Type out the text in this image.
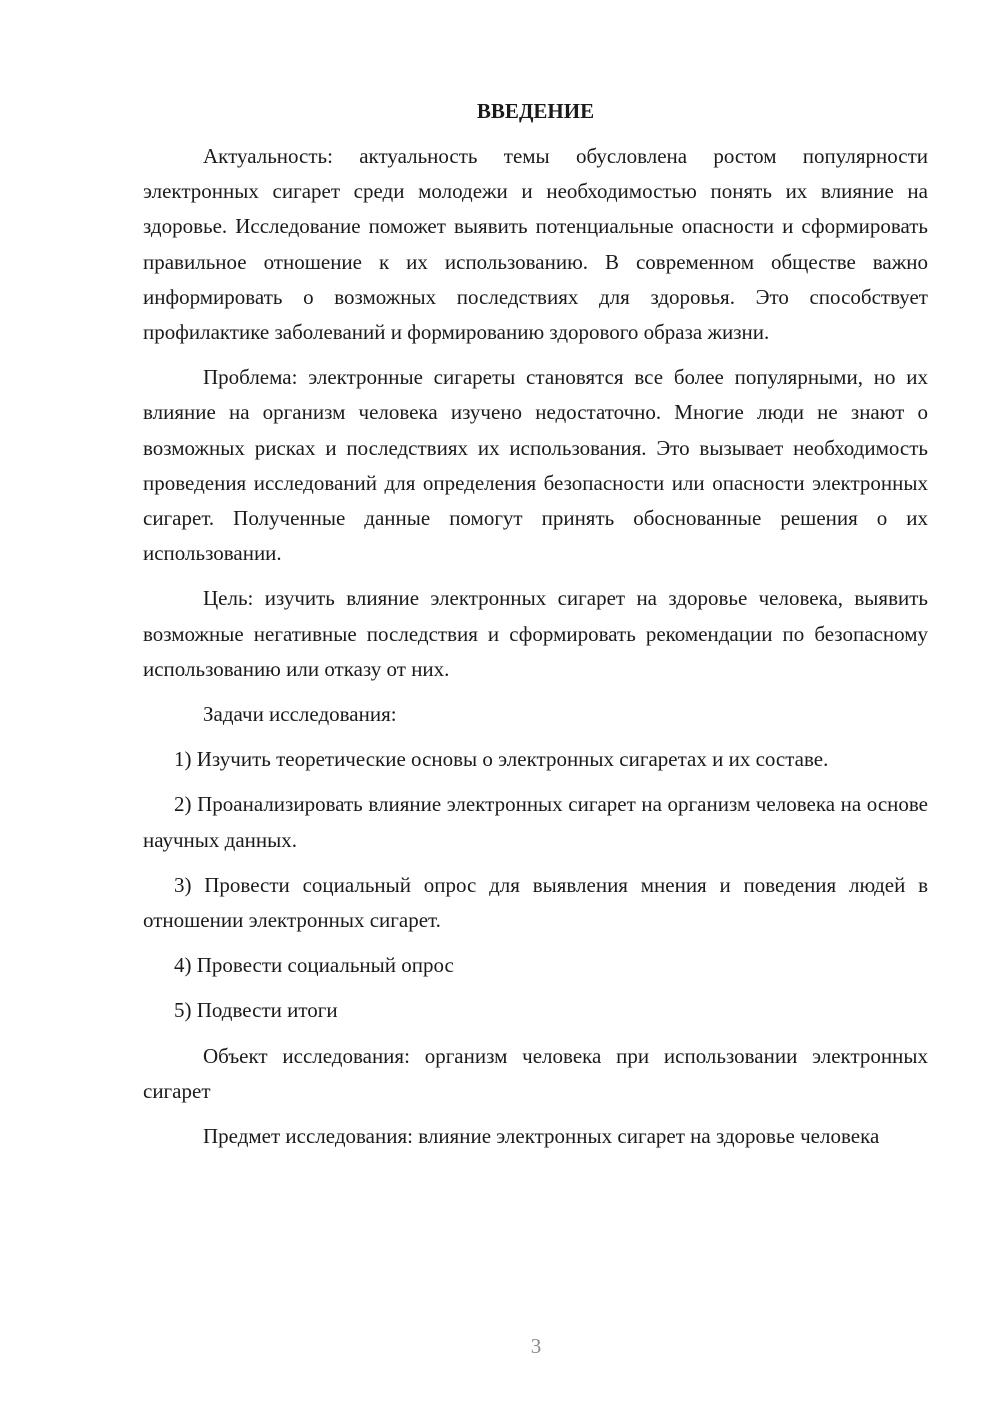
ВВЕДЕНИЕ

Актуальность: актуальность темы обусловлена ростом популярности электронных сигарет среди молодежи и необходимостью понять их влияние на здоровье. Исследование поможет выявить потенциальные опасности и сформировать правильное отношение к их использованию. В современном обществе важно информировать о возможных последствиях для здоровья. Это способствует профилактике заболеваний и формированию здорового образа жизни.

Проблема: электронные сигареты становятся все более популярными, но их влияние на организм человека изучено недостаточно. Многие люди не знают о возможных рисках и последствиях их использования. Это вызывает необходимость проведения исследований для определения безопасности или опасности электронных сигарет. Полученные данные помогут принять обоснованные решения о их использовании.

Цель: изучить влияние электронных сигарет на здоровье человека, выявить возможные негативные последствия и сформировать рекомендации по безопасному использованию или отказу от них.

Задачи исследования:

1) Изучить теоретические основы о электронных сигаретах и их составе.

2) Проанализировать влияние электронных сигарет на организм человека на основе научных данных.

3) Провести социальный опрос для выявления мнения и поведения людей в отношении электронных сигарет.

4) Провести социальный опрос

5) Подвести итоги

Объект исследования: организм человека при использовании электронных сигарет

Предмет исследования: влияние электронных сигарет на здоровье человека

3
